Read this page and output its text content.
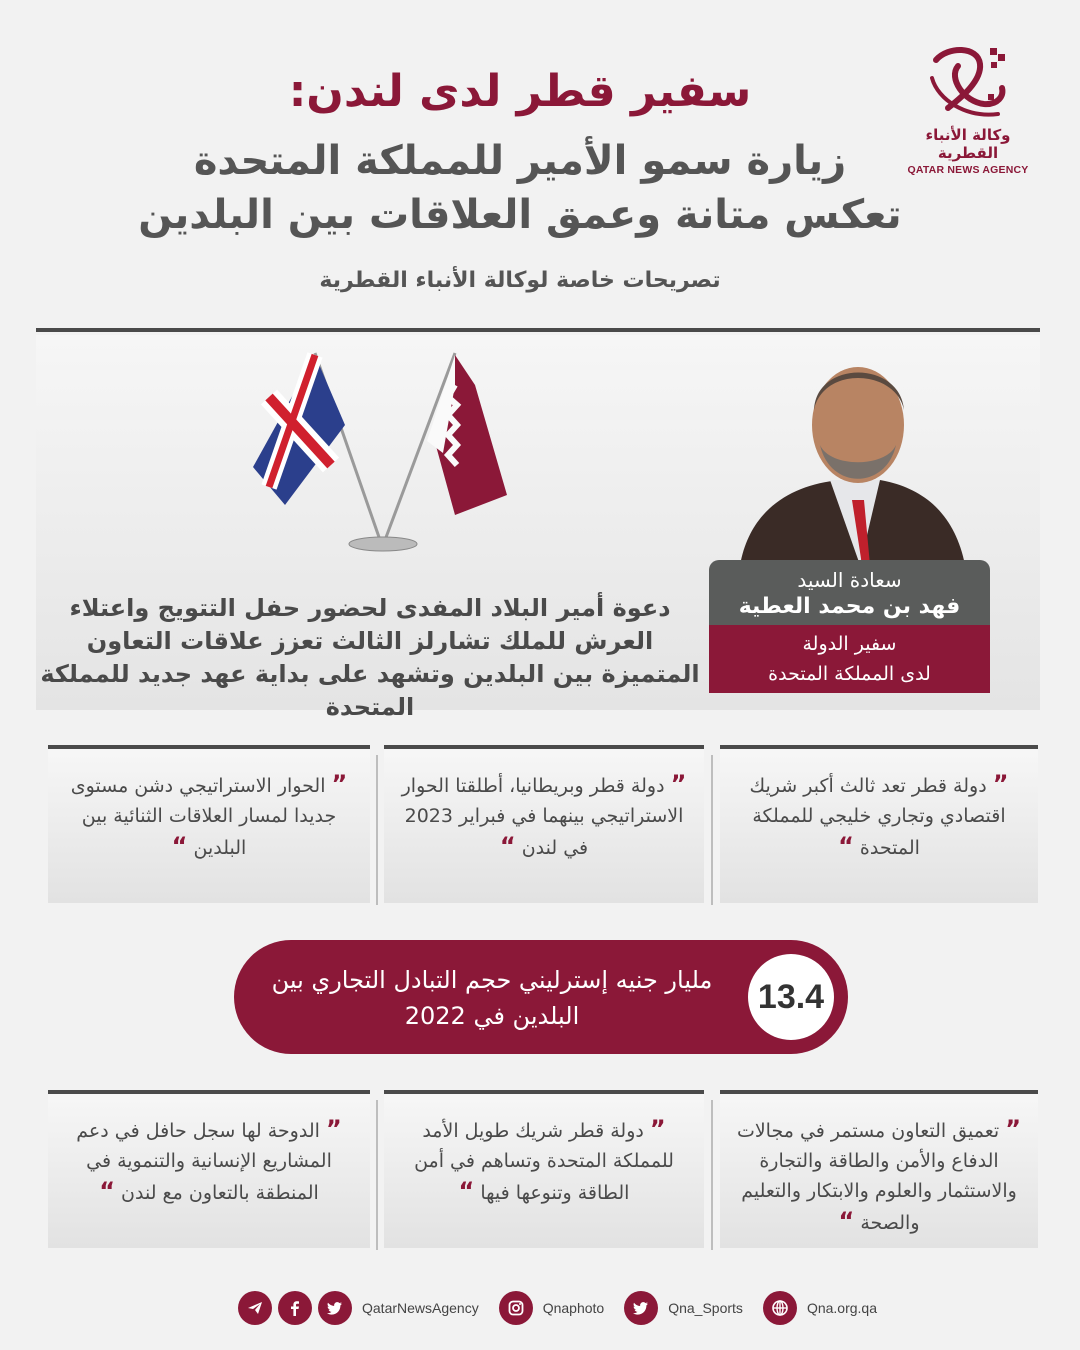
وكالة الأنباء القطرية
QATAR NEWS AGENCY
سفير قطر لدى لندن:
زيارة سمو الأمير للمملكة المتحدة
تعكس متانة وعمق العلاقات بين البلدين
تصريحات خاصة لوكالة الأنباء القطرية
دعوة أمير البلاد المفدى لحضور حفل التتويج واعتلاء العرش للملك تشارلز الثالث تعزز علاقات التعاون المتميزة بين البلدين وتشهد على بداية عهد جديد للمملكة المتحدة
سعادة السيد
فهد بن محمد العطية
سفير الدولة
لدى المملكة المتحدة
” دولة قطر تعد ثالث أكبر شريك اقتصادي وتجاري خليجي للمملكة المتحدة “
” دولة قطر وبريطانيا، أطلقتا الحوار الاستراتيجي بينهما في فبراير 2023 في لندن “
” الحوار الاستراتيجي دشن مستوى جديدا لمسار العلاقات الثنائية بين البلدين “
13.4
مليار جنيه إسترليني حجم التبادل التجاري بين البلدين في 2022
” تعميق التعاون مستمر في مجالات الدفاع والأمن والطاقة والتجارة والاستثمار والعلوم والابتكار والتعليم والصحة “
” دولة قطر شريك طويل الأمد للمملكة المتحدة وتساهم في أمن الطاقة وتنوعها فيها “
” الدوحة لها سجل حافل في دعم المشاريع الإنسانية والتنموية في المنطقة بالتعاون مع لندن “
QatarNewsAgency	Qnaphoto	Qna_Sports	Qna.org.qa
